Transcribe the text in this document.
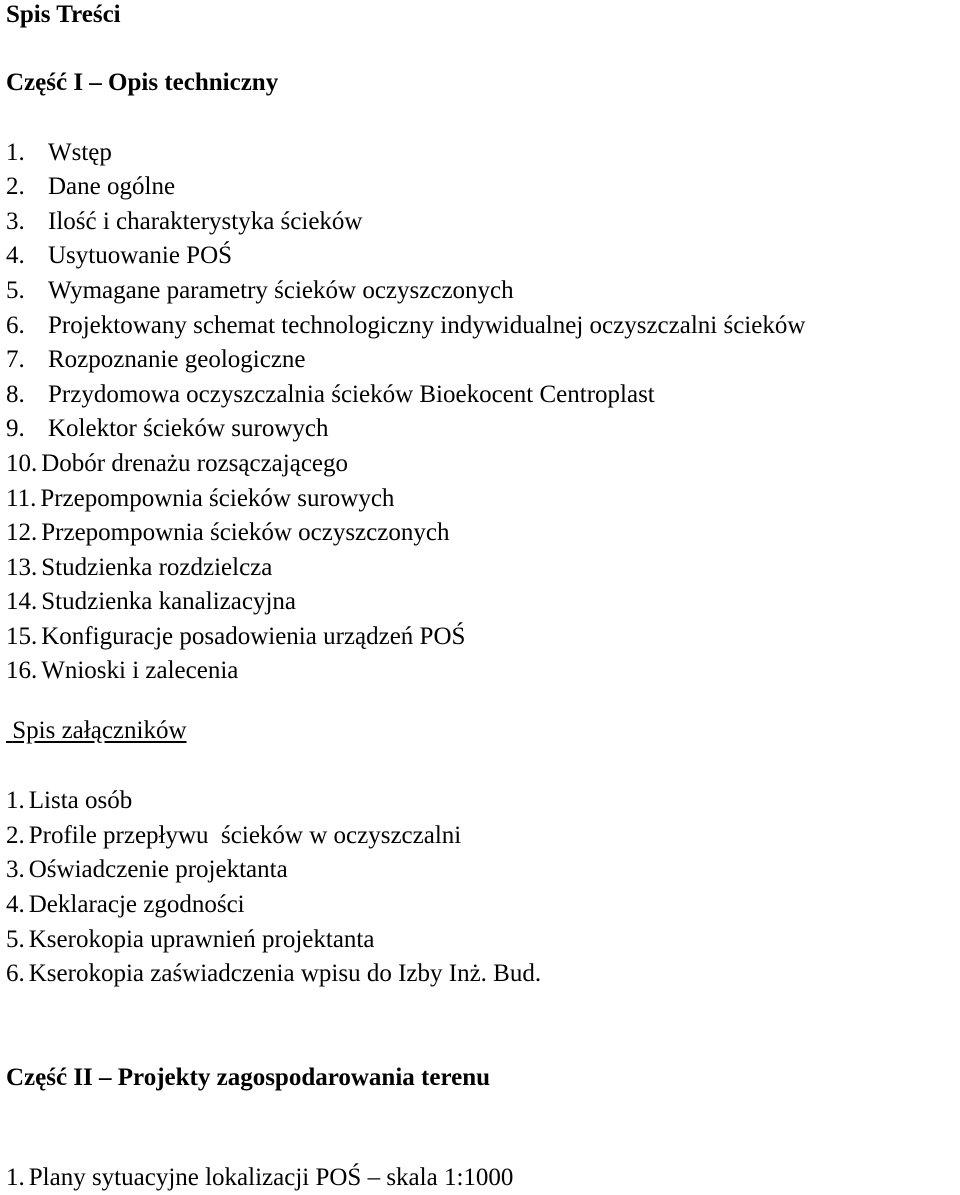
Spis Treści

Część I – Opis techniczny

1. Wstęp

2. Dane ogólne

3. Ilość i charakterystyka ścieków

4. Usytuowanie POŚ

5. Wymagane parametry ścieków oczyszczonych

6. Projektowany schemat technologiczny indywidualnej oczyszczalni ścieków

7. Rozpoznanie geologiczne

8. Przydomowa oczyszczalnia ścieków Bioekocent Centroplast

9. Kolektor ścieków surowych

10. Dobór drenażu rozsączającego

11. Przepompownia ścieków surowych

12. Przepompownia ścieków oczyszczonych

13. Studzienka rozdzielcza

14. Studzienka kanalizacyjna

15. Konfiguracje posadowienia urządzeń POŚ

16. Wnioski i zalecenia

Spis załączników

1. Lista osób

2. Profile przepływu  ścieków w oczyszczalni

3. Oświadczenie projektanta

4. Deklaracje zgodności

5. Kserokopia uprawnień projektanta

6. Kserokopia zaświadczenia wpisu do Izby Inż. Bud.

Część II – Projekty zagospodarowania terenu

1. Plany sytuacyjne lokalizacji POŚ – skala 1:1000
